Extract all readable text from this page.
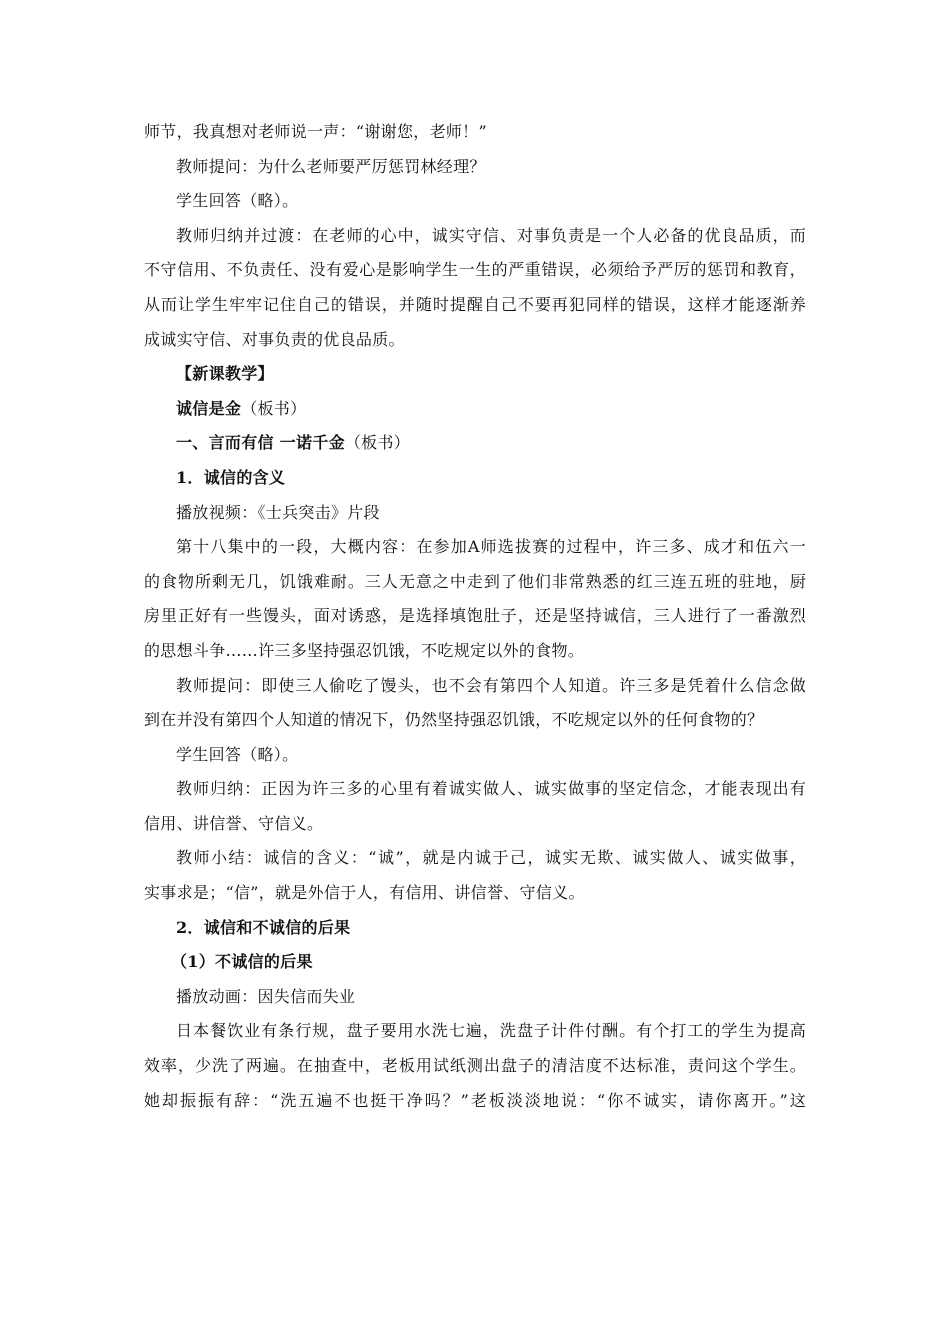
师节，我真想对老师说一声：“谢谢您，老师！”
教师提问：为什么老师要严厉惩罚林经理？
学生回答（略）。
教师归纳并过渡：在老师的心中，诚实守信、对事负责是一个人必备的优良品质，而
不守信用、不负责任、没有爱心是影响学生一生的严重错误，必须给予严厉的惩罚和教育，
从而让学生牢牢记住自己的错误，并随时提醒自己不要再犯同样的错误，这样才能逐渐养
成诚实守信、对事负责的优良品质。
【新课教学】
诚信是金（板书）
一、言而有信 一诺千金（板书）
1．诚信的含义
播放视频：《士兵突击》片段
第十八集中的一段，大概内容：在参加A师选拔赛的过程中，许三多、成才和伍六一
的食物所剩无几，饥饿难耐。三人无意之中走到了他们非常熟悉的红三连五班的驻地，厨
房里正好有一些馒头，面对诱惑，是选择填饱肚子，还是坚持诚信，三人进行了一番激烈
的思想斗争……许三多坚持强忍饥饿，不吃规定以外的食物。
教师提问：即使三人偷吃了馒头，也不会有第四个人知道。许三多是凭着什么信念做
到在并没有第四个人知道的情况下，仍然坚持强忍饥饿，不吃规定以外的任何食物的？
学生回答（略）。
教师归纳：正因为许三多的心里有着诚实做人、诚实做事的坚定信念，才能表现出有
信用、讲信誉、守信义。
教师小结：诚信的含义：“诚”，就是内诚于己，诚实无欺、诚实做人、诚实做事，
实事求是；“信”，就是外信于人，有信用、讲信誉、守信义。
2．诚信和不诚信的后果
（1）不诚信的后果
播放动画：因失信而失业
日本餐饮业有条行规，盘子要用水洗七遍，洗盘子计件付酬。有个打工的学生为提高
效率，少洗了两遍。在抽查中，老板用试纸测出盘子的清洁度不达标准，责问这个学生。
她却振振有辞：“洗五遍不也挺干净吗？”老板淡淡地说：“你不诚实，请你离开。”这
